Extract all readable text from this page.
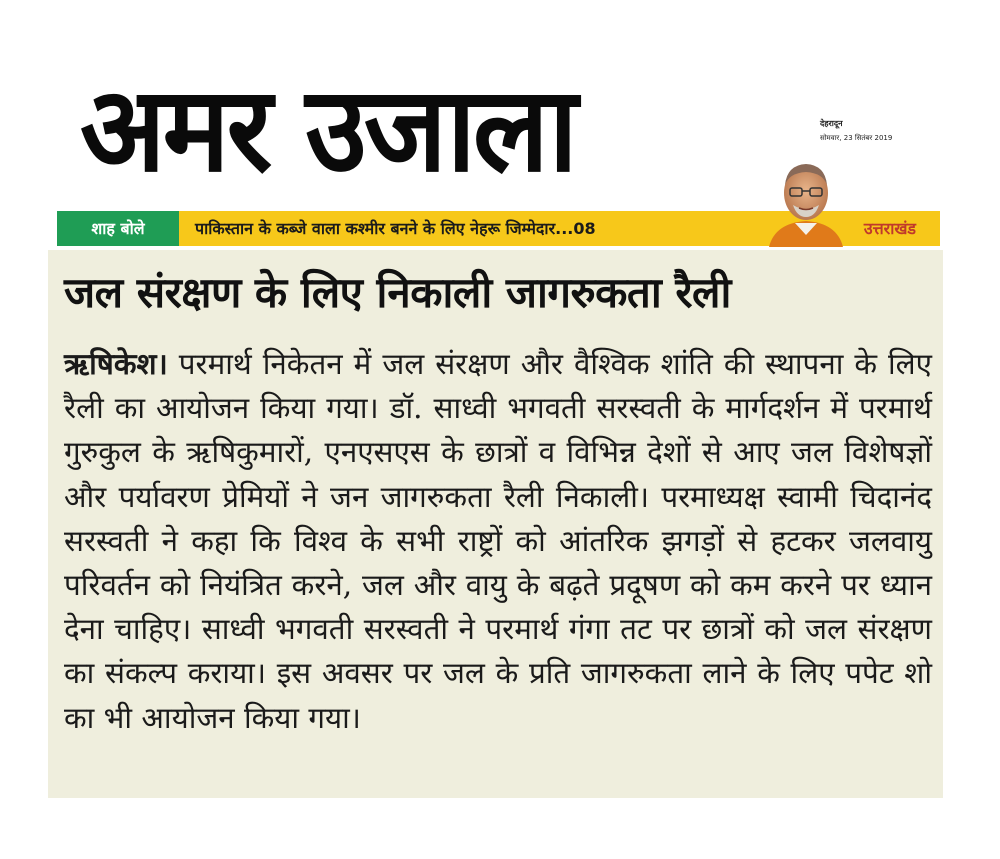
अमर उजाला	देहरादून
सोमवार, 23 सितंबर 2019
शाह बोले	पाकिस्तान के कब्जे वाला कश्मीर बनने के लिए नेहरू जिम्मेदार...08	उत्तराखंड
जल संरक्षण के लिए निकाली जागरुकता रैली
ऋषिकेश। परमार्थ निकेतन में जल संरक्षण और वैश्विक शांति की स्थापना के लिए रैली का आयोजन किया गया। डॉ. साध्वी भगवती सरस्वती के मार्गदर्शन में परमार्थ गुरुकुल के ऋषिकुमारों, एनएसएस के छात्रों व विभिन्न देशों से आए जल विशेषज्ञों और पर्यावरण प्रेमियों ने जन जागरुकता रैली निकाली। परमाध्यक्ष स्वामी चिदानंद सरस्वती ने कहा कि विश्व के सभी राष्ट्रों को आंतरिक झगड़ों से हटकर जलवायु परिवर्तन को नियंत्रित करने, जल और वायु के बढ़ते प्रदूषण को कम करने पर ध्यान देना चाहिए। साध्वी भगवती सरस्वती ने परमार्थ गंगा तट पर छात्रों को जल संरक्षण का संकल्प कराया। इस अवसर पर जल के प्रति जागरुकता लाने के लिए पपेट शो का भी आयोजन किया गया।
